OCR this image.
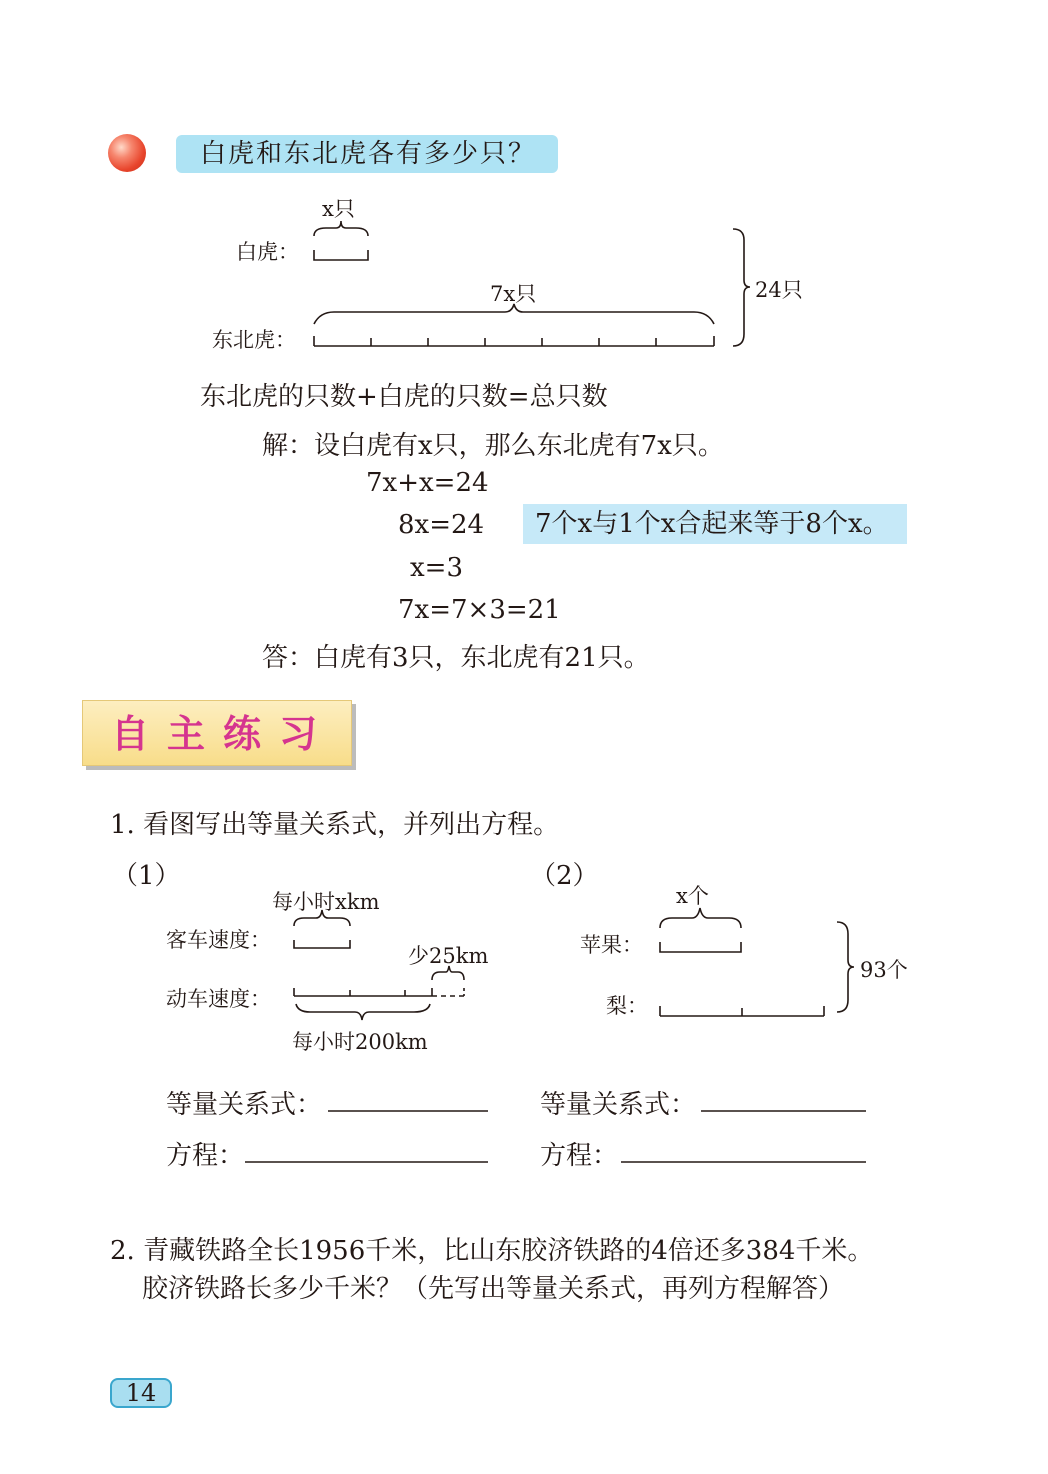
白虎和东北虎各有多少只？
x只
白虎：
7x只	24只
东北虎：
东北虎的只数+白虎的只数=总只数
解：设白虎有x只，那么东北虎有7x只。
7x+x=24
8x=24	7个x与1个x合起来等于8个x。
x=3
7x=7×3=21
答：白虎有3只，东北虎有21只。
自主练习
1. 看图写出等量关系式，并列出方程。
（1）	（2）
每小时xkm
客车速度：
少25km
动车速度：
每小时200km
x个
苹果：
93个
梨：
等量关系式：
方程：
等量关系式：
方程：
2. 青藏铁路全长1956千米，比山东胶济铁路的4倍还多384千米。
胶济铁路长多少千米？（先写出等量关系式，再列方程解答）
14
